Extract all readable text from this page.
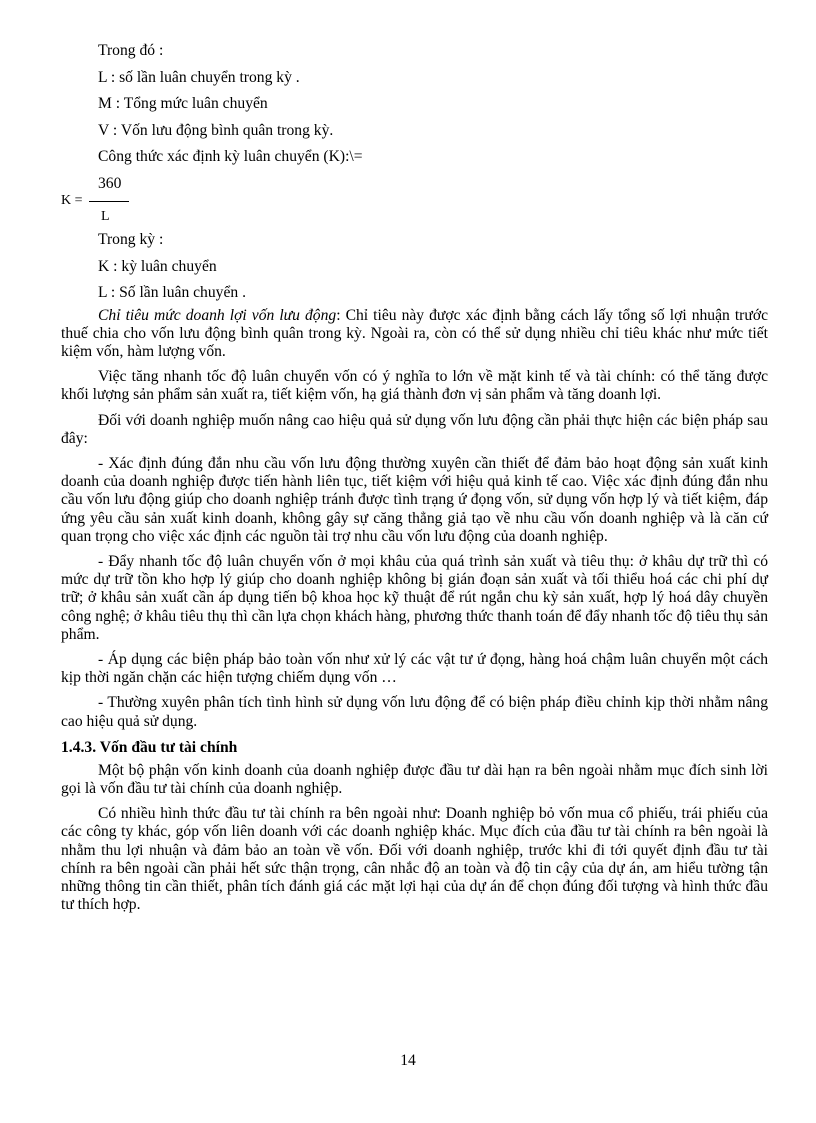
Trong đó :

L : số lần luân chuyển trong kỳ .

M : Tổng mức luân chuyển

V : Vốn lưu động bình quân trong kỳ.

Công thức xác định kỳ luân chuyển (K):\=

360

K =
L

Trong kỳ :

K : kỳ luân chuyển

L : Số lần luân chuyển .

Chỉ tiêu mức doanh lợi vốn lưu động: Chỉ tiêu này được xác định bằng cách lấy tổng số lợi nhuận trước thuế chia cho vốn lưu động bình quân trong kỳ. Ngoài ra, còn có thể sử dụng nhiều chỉ tiêu khác như mức tiết kiệm vốn, hàm lượng vốn.

Việc tăng nhanh tốc độ luân chuyển vốn có ý nghĩa to lớn về mặt kinh tế và tài chính: có thể tăng được khối lượng sản phẩm sản xuất ra, tiết kiệm vốn, hạ giá thành đơn vị sản phẩm và tăng doanh lợi.

Đối với doanh nghiệp muốn nâng cao hiệu quả sử dụng vốn lưu động cần phải thực hiện các biện pháp sau đây:

- Xác định đúng đắn nhu cầu vốn lưu động thường xuyên cần thiết để đảm bảo hoạt động sản xuất kinh doanh của doanh nghiệp được tiến hành liên tục, tiết kiệm với hiệu quả kinh tế cao. Việc xác định đúng đắn nhu cầu vốn lưu động giúp cho doanh nghiệp tránh được tình trạng ứ đọng vốn, sử dụng vốn hợp lý và tiết kiệm, đáp ứng yêu cầu sản xuất kinh doanh, không gây sự căng thẳng giả tạo về nhu cầu vốn doanh nghiệp và là căn cứ quan trọng cho việc xác định các nguồn tài trợ nhu cầu vốn lưu động của doanh nghiệp.

- Đẩy nhanh tốc độ luân chuyển vốn ở mọi khâu của quá trình sản xuất và tiêu thụ: ở khâu dự trữ thì có mức dự trữ tồn kho hợp lý giúp cho doanh nghiệp không bị gián đoạn sản xuất và tối thiểu hoá các chi phí dự trữ; ở khâu sản xuất cần áp dụng tiến bộ khoa học kỹ thuật để rút ngắn chu kỳ sản xuất, hợp lý hoá dây chuyền công nghệ; ở khâu tiêu thụ thì cần lựa chọn khách hàng, phương thức thanh toán để đẩy nhanh tốc độ tiêu thụ sản phẩm.

- Áp dụng các biện pháp bảo toàn vốn như xử lý các vật tư ứ đọng, hàng hoá chậm luân chuyển một cách kịp thời ngăn chặn các hiện tượng chiếm dụng vốn …

- Thường xuyên phân tích tình hình sử dụng vốn lưu động để có biện pháp điều chỉnh kịp thời nhằm nâng cao hiệu quả sử dụng.

1.4.3. Vốn đầu tư tài chính

Một bộ phận vốn kinh doanh của doanh nghiệp được đầu tư dài hạn ra bên ngoài nhằm mục đích sinh lời gọi là vốn đầu tư tài chính của doanh nghiệp.

Có nhiều hình thức đầu tư tài chính ra bên ngoài như: Doanh nghiệp bỏ vốn mua cổ phiếu, trái phiếu của các công ty khác, góp vốn liên doanh với các doanh nghiệp khác. Mục đích của đầu tư tài chính ra bên ngoài là nhằm thu lợi nhuận và đảm bảo an toàn về vốn. Đối với doanh nghiệp, trước khi đi tới quyết định đầu tư tài chính ra bên ngoài cần phải hết sức thận trọng, cân nhắc độ an toàn và độ tin cậy của dự án, am hiểu tường tận những thông tin cần thiết, phân tích đánh giá các mặt lợi hại của dự án để chọn đúng đối tượng và hình thức đầu tư thích hợp.

14
